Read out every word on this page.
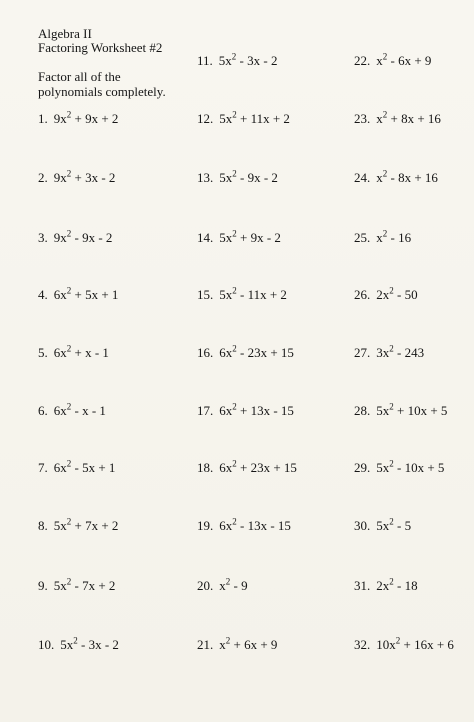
Algebra II
Factoring Worksheet #2
Factor all of the
polynomials completely.
1. $9x^2 + 9x + 2$
2. $9x^2 + 3x - 2$
3. $9x^2 - 9x - 2$
4. $6x^2 + 5x + 1$
5. $6x^2 + x - 1$
6. $6x^2$ - x - 1
7. $6x^2 - 5x + 1$
8. $5x^2 + 7x + 2$
9. $5x^2 - 7x + 2$
10. $5x^2 - 3x - 2$
11. $5x^2 - 3x - 2$
12. $5x^2 + 11x + 2$
13. $5x^2 - 9x - 2$
14. $5x^2 + 9x - 2$
15. $5x^2 - 11x + 2$
16. $6x^2 - 23x + 15$
17. $6x^2 + 13x - 15$
18. $6x^2 + 23x + 15$
19. $6x^2 - 13x - 15$
20. $x^2 - 9$
21. $x^2 + 6x + 9$
22. $x^2 - 6x + 9$
23. $x^2 + 8x + 16$
24. $x^2 - 8x + 16$
25. $x^2 - 16$
26. $2x^2 - 50$
27. $3x^2 - 243$
28. $5x^2 + 10x + 5$
29. $5x^2 - 10x + 5$
30. $5x^2 - 5$
31. $2x^2 - 18$
32. $10x^2 + 16x + 6$
